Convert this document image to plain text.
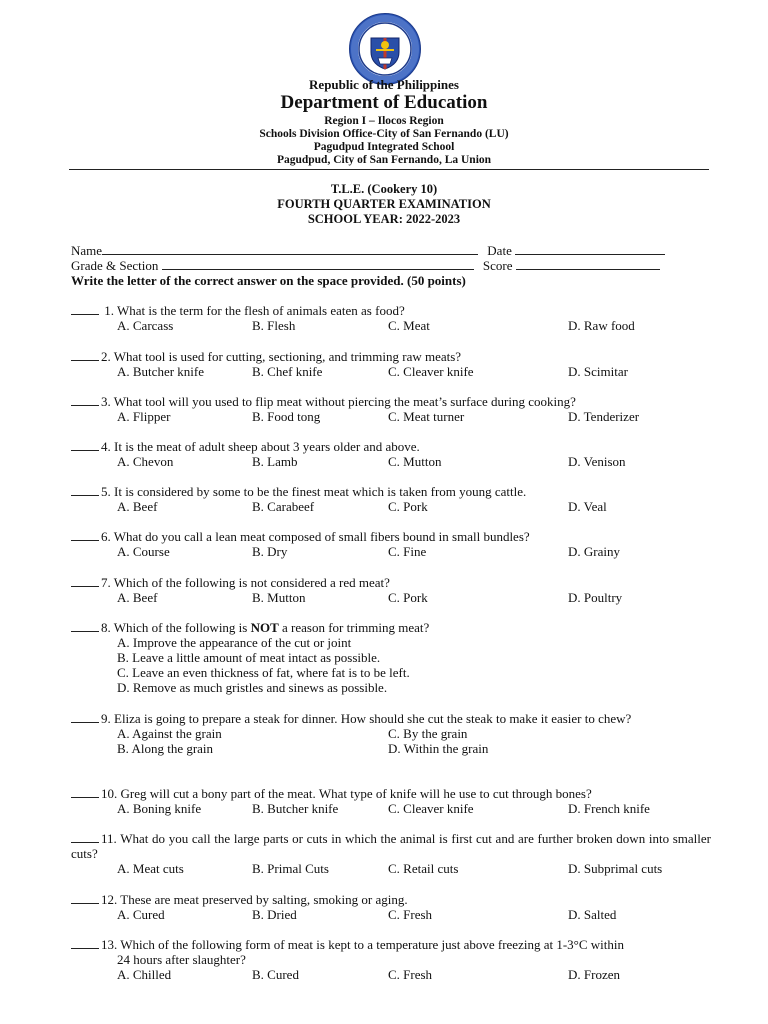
Republic of the Philippines
Department of Education
Region I – Ilocos Region
Schools Division Office-City of San Fernando (LU)
Pagudpud Integrated School
Pagudpud, City of San Fernando, La Union
T.L.E. (Cookery 10)
FOURTH QUARTER EXAMINATION
SCHOOL YEAR: 2022-2023
Name	Date
Grade & Section	Score
Write the letter of the correct answer on the space provided. (50 points)
1. What is the term for the flesh of animals eaten as food?
A. Carcass	B. Flesh	C. Meat	D. Raw food
2. What tool is used for cutting, sectioning, and trimming raw meats?
A. Butcher knife	B. Chef knife	C. Cleaver knife	D. Scimitar
3. What tool will you used to flip meat without piercing the meat’s surface during cooking?
A. Flipper	B. Food tong	C. Meat turner	D. Tenderizer
4. It is the meat of adult sheep about 3 years older and above.
A. Chevon	B. Lamb	C. Mutton	D. Venison
5. It is considered by some to be the finest meat which is taken from young cattle.
A. Beef	B. Carabeef	C. Pork	D. Veal
6. What do you call a lean meat composed of small fibers bound in small bundles?
A. Course	B. Dry	C. Fine	D. Grainy
7. Which of the following is not considered a red meat?
A. Beef	B. Mutton	C. Pork	D. Poultry
8. Which of the following is NOT a reason for trimming meat?
A. Improve the appearance of the cut or joint
B. Leave a little amount of meat intact as possible.
C. Leave an even thickness of fat, where fat is to be left.
D. Remove as much gristles and sinews as possible.
9. Eliza is going to prepare a steak for dinner. How should she cut the steak to make it easier to chew?
A. Against the grain	C. By the grain
B. Along the grain	D. Within the grain
10. Greg will cut a bony part of the meat. What type of knife will he use to cut through bones?
A. Boning knife	B. Butcher knife	C. Cleaver knife	D. French knife
11. What do you call the large parts or cuts in which the animal is first cut and are further broken down into smaller cuts?
A. Meat cuts	B. Primal Cuts	C. Retail cuts	D. Subprimal cuts
12. These are meat preserved by salting, smoking or aging.
A. Cured	B. Dried	C. Fresh	D. Salted
13. Which of the following form of meat is kept to a temperature just above freezing at 1-3°C within
24 hours after slaughter?
A. Chilled	B. Cured	C. Fresh	D. Frozen
